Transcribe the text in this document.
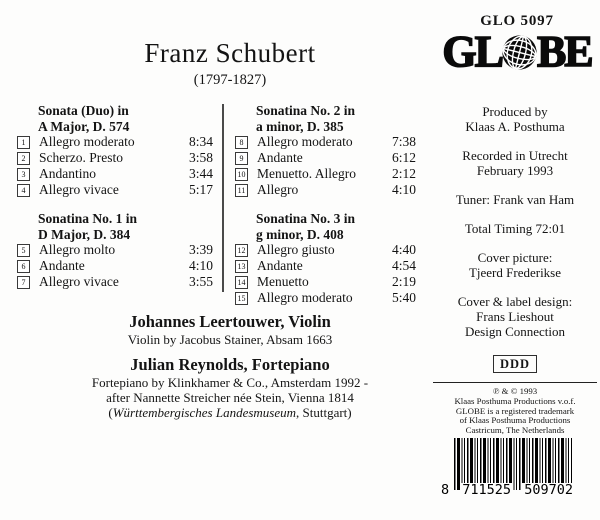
Franz Schubert
(1797-1827)
GLO 5097
GL BE
Sonata (Duo) in
A Major, D. 574
1	Allegro moderato	8:34
2	Scherzo. Presto	3:58
3	Andantino	3:44
4	Allegro vivace	5:17
Sonatina No. 1 in
D Major, D. 384
5	Allegro molto	3:39
6	Andante	4:10
7	Allegro vivace	3:55
Sonatina No. 2 in
a minor, D. 385
8	Allegro moderato	7:38
9	Andante	6:12
10 Menuetto. Allegro	2:12
11 Allegro	4:10
Sonatina No. 3 in
g minor, D. 408
12 Allegro giusto	4:40
13 Andante	4:54
14 Menuetto	2:19
15 Allegro moderato	5:40
Produced by
Klaas A. Posthuma
Recorded in Utrecht
February 1993
Tuner: Frank van Ham
Total Timing 72:01
Cover picture:
Tjeerd Frederikse
Cover & label design:
Frans Lieshout
Design Connection
DDD
℗ & © 1993
Klaas Posthuma Productions v.o.f.
GLOBE is a registered trademark
of Klaas Posthuma Productions
Castricum, The Netherlands
Johannes Leertouwer, Violin
Violin by Jacobus Stainer, Absam 1663
Julian Reynolds, Fortepiano
Fortepiano by Klinkhamer & Co., Amsterdam 1992 -
after Nannette Streicher née Stein, Vienna 1814
(Württembergisches Landesmuseum, Stuttgart)
8 711525 509702
